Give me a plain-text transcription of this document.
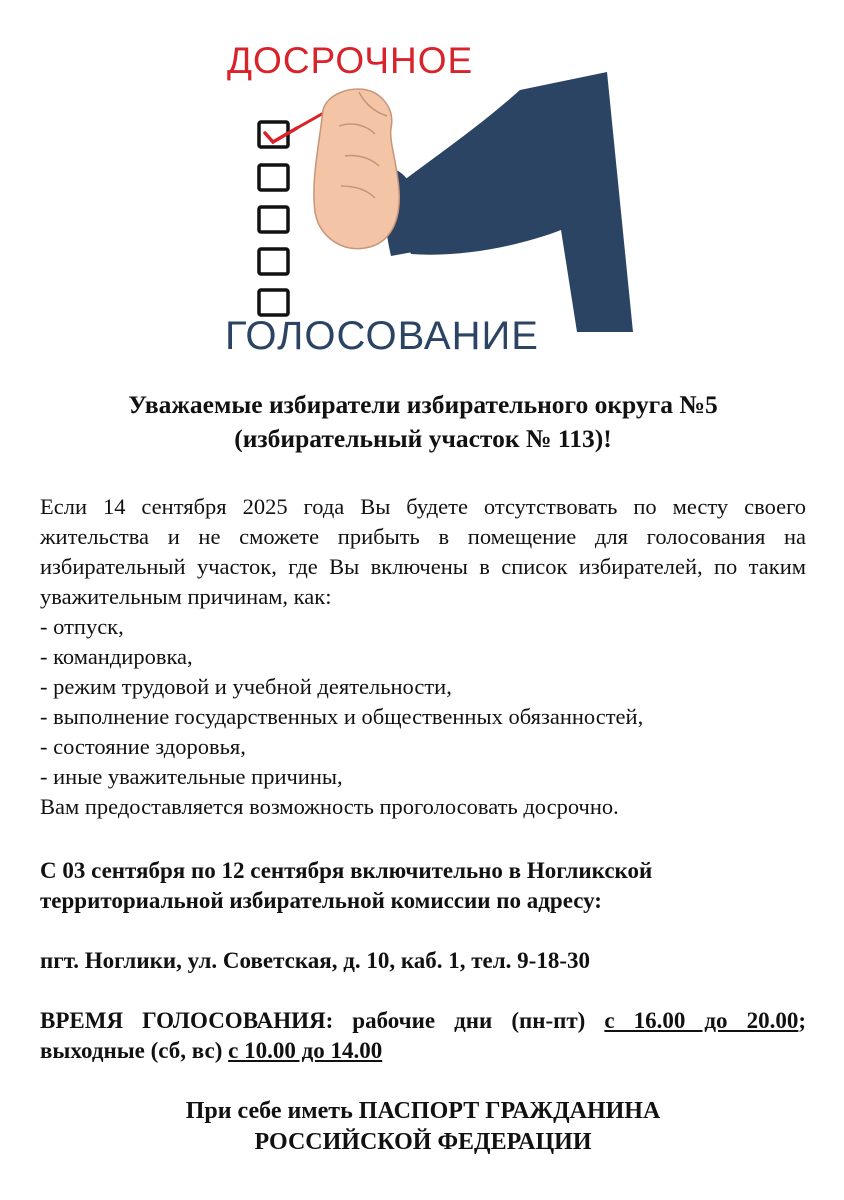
ДОСРОЧНОЕ
ГОЛОСОВАНИЕ
Уважаемые избиратели избирательного округа №5
(избирательный участок № 113)!

Если 14 сентября 2025 года Вы будете отсутствовать по месту своего жительства и не сможете прибыть в помещение для голосования на избирательный участок, где Вы включены в список избирателей, по таким уважительным причинам, как:

- отпуск,
- командировка,
- режим трудовой и учебной деятельности,
- выполнение государственных и общественных обязанностей,
- состояние здоровья,
- иные уважительные причины,
Вам предоставляется возможность проголосовать досрочно.
С 03 сентября по 12 сентября включительно в Ногликской территориальной избирательной комиссии по адресу:
пгт. Ноглики, ул. Советская, д. 10, каб. 1, тел. 9-18-30
ВРЕМЯ ГОЛОСОВАНИЯ: рабочие дни (пн-пт) с 16.00 до 20.00; выходные (сб, вс) с 10.00 до 14.00
При себе иметь ПАСПОРТ ГРАЖДАНИНА
РОССИЙСКОЙ ФЕДЕРАЦИИ
